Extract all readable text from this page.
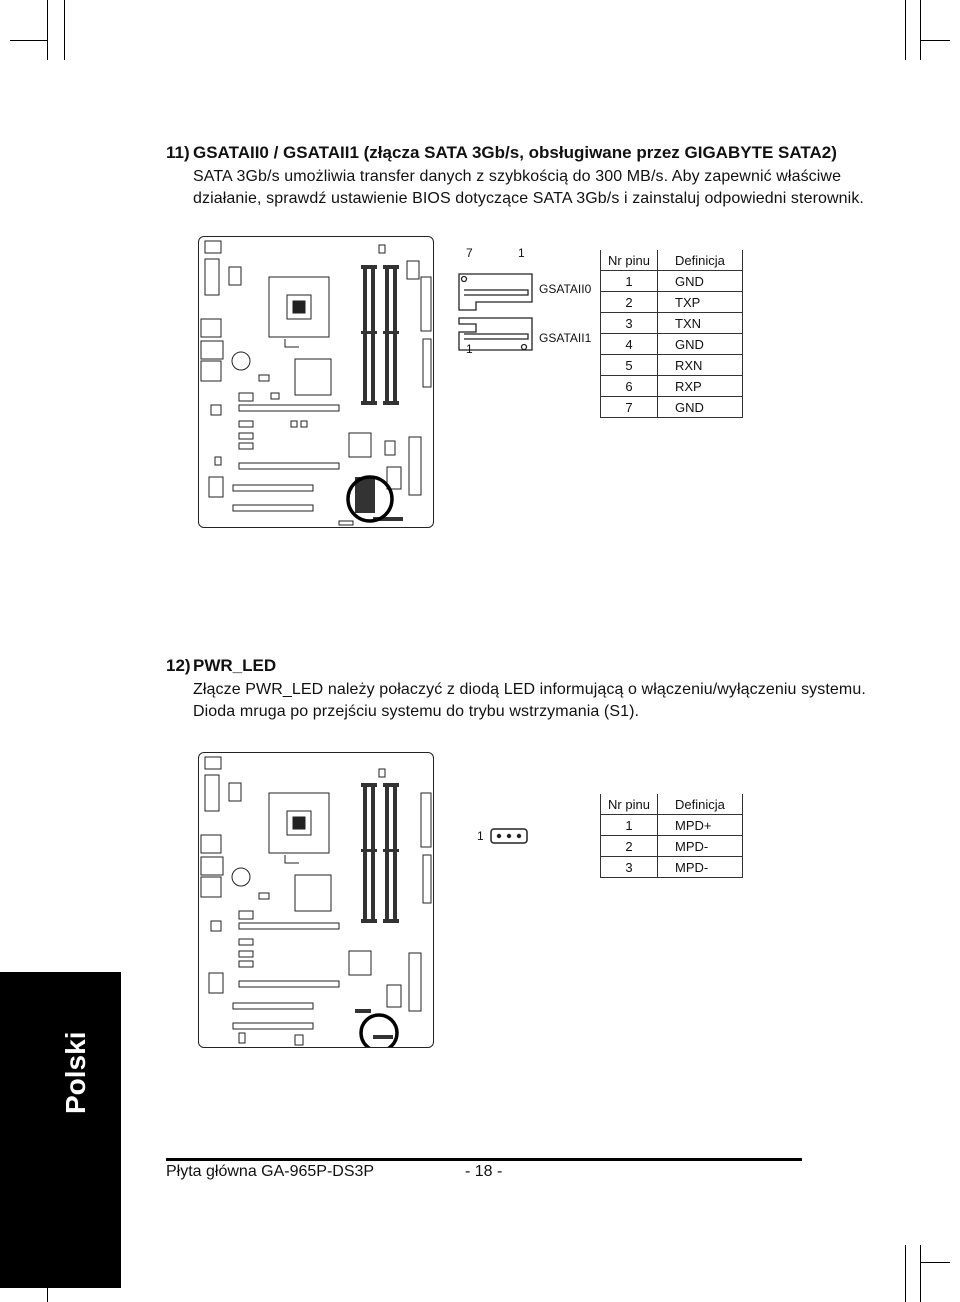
11) GSATAII0 / GSATAII1 (złącza SATA 3Gb/s, obsługiwane przez GIGABYTE SATA2)
SATA 3Gb/s umożliwia transfer danych z szybkością do 300 MB/s. Aby zapewnić właściwe
działanie, sprawdź ustawienie BIOS dotyczące SATA 3Gb/s i zainstaluj odpowiedni sterownik.
7	1
1
GSATAII0
GSATAII1
Nr pinu	Definicja
1	GND
2	TXP
3	TXN
4	GND
5	RXN
6	RXP
7	GND
12) PWR_LED
Złącze PWR_LED należy połaczyć z diodą LED informującą o włączeniu/wyłączeniu systemu.
Dioda mruga po przejściu systemu do trybu wstrzymania (S1).
1
Nr pinu	Definicja
1	MPD+
2	MPD-
3	MPD-
Polski
Płyta główna GA-965P-DS3P	- 18 -
